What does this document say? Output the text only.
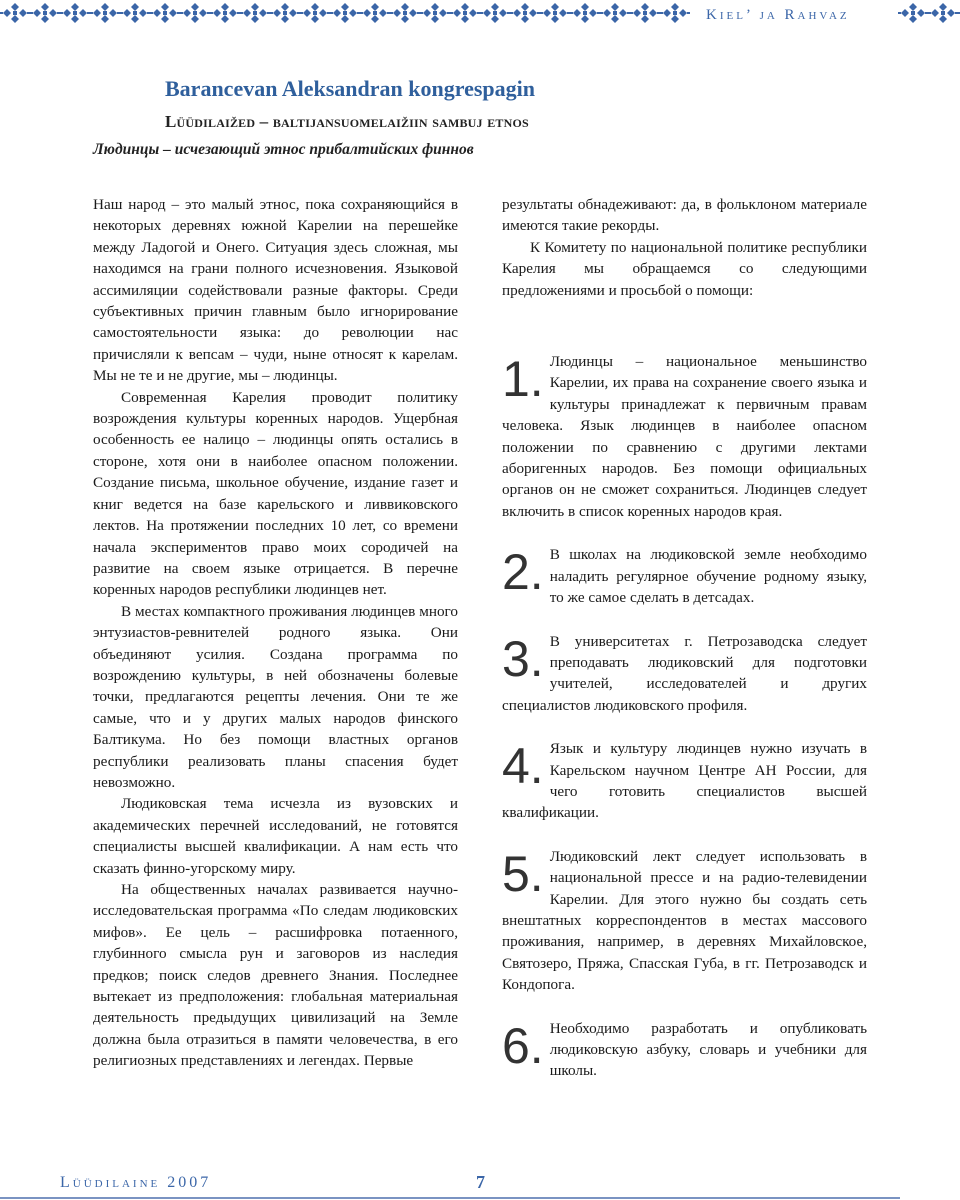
Kiel’ ja Rahvaz
Barancevan Aleksandran kongrespagin
Lüüdilaižed – baltijansuomelaižiin sambuj etnos
Людинцы – исчезающий этнос прибалтийских финнов

Наш народ – это малый этнос, пока сохраняющийся в некоторых деревнях южной Карелии на перешейке между Ладогой и Онего. Ситуация здесь сложная, мы находимся на грани полного исчезновения. Языковой ассимиляции содействовали разные факторы. Среди субъективных причин главным было игнорирование самостоятельности языка: до революции нас причисляли к вепсам – чуди, ныне относят к карелам. Мы не те и не другие, мы – людинцы.

Современная Карелия проводит политику возрождения культуры коренных народов. Ущербная особенность ее налицо – людинцы опять остались в стороне, хотя они в наиболее опасном положении. Создание письма, школьное обучение, издание газет и книг ведется на базе карельского и ливвиковского лектов. На протяжении последних 10 лет, со времени начала экспериментов право моих сородичей на развитие на своем языке отрицается. В перечне коренных народов республики людинцев нет.

В местах компактного проживания людинцев много энтузиастов-ревнителей родного языка. Они объединяют усилия. Создана программа по возрождению культуры, в ней обозначены болевые точки, предлагаются рецепты лечения. Они те же самые, что и у других малых народов финского Балтикума. Но без помощи властных органов республики реализовать планы спасения будет невозможно.

Людиковская тема исчезла из вузовских и академических перечней исследований, не готовятся специалисты высшей квалификации. А нам есть что сказать финно-угорскому миру.

На общественных началах развивается научно-исследовательская программа «По следам людиковских мифов». Ее цель – расшифровка потаенного, глубинного смысла рун и заговоров из наследия предков; поиск следов древнего Знания. Последнее вытекает из предположения: глобальная материальная деятельность предыдущих цивилизаций на Земле должна была отразиться в памяти человечества, в его религиозных представлениях и легендах. Первые

результаты обнадеживают: да, в фольклоном материале имеются такие рекорды.

К Комитету по национальной политике республики Карелия мы обращаемся со следующими предложениями и просьбой о помощи:

1. Людинцы – национальное меньшинство Карелии, их права на сохранение своего языка и культуры принадлежат к первичным правам человека. Язык людинцев в наиболее опасном положении по сравнению с другими лектами аборигенных народов. Без помощи официальных органов он не сможет сохраниться. Людинцев следует включить в список коренных народов края.

2. В школах на людиковской земле необходимо наладить регулярное обучение родному языку, то же самое сделать в детсадах.

3. В университетах г. Петрозаводска следует преподавать людиковский для подготовки учителей, исследователей и других специалистов людиковского профиля.

4. Язык и культуру людинцев нужно изучать в Карельском научном Центре АН России, для чего готовить специалистов высшей квалификации.

5. Людиковский лект следует использовать в национальной прессе и на радио-телевидении Карелии. Для этого нужно бы создать сеть внештатных корреспондентов в местах массового проживания, например, в деревнях Михайловское, Святозеро, Пряжа, Спасская Губа, в гг. Петрозаводск и Кондопога.

6. Необходимо разработать и опубликовать людиковскую азбуку, словарь и учебники для школы.

Lüüdilaine 2007	7
